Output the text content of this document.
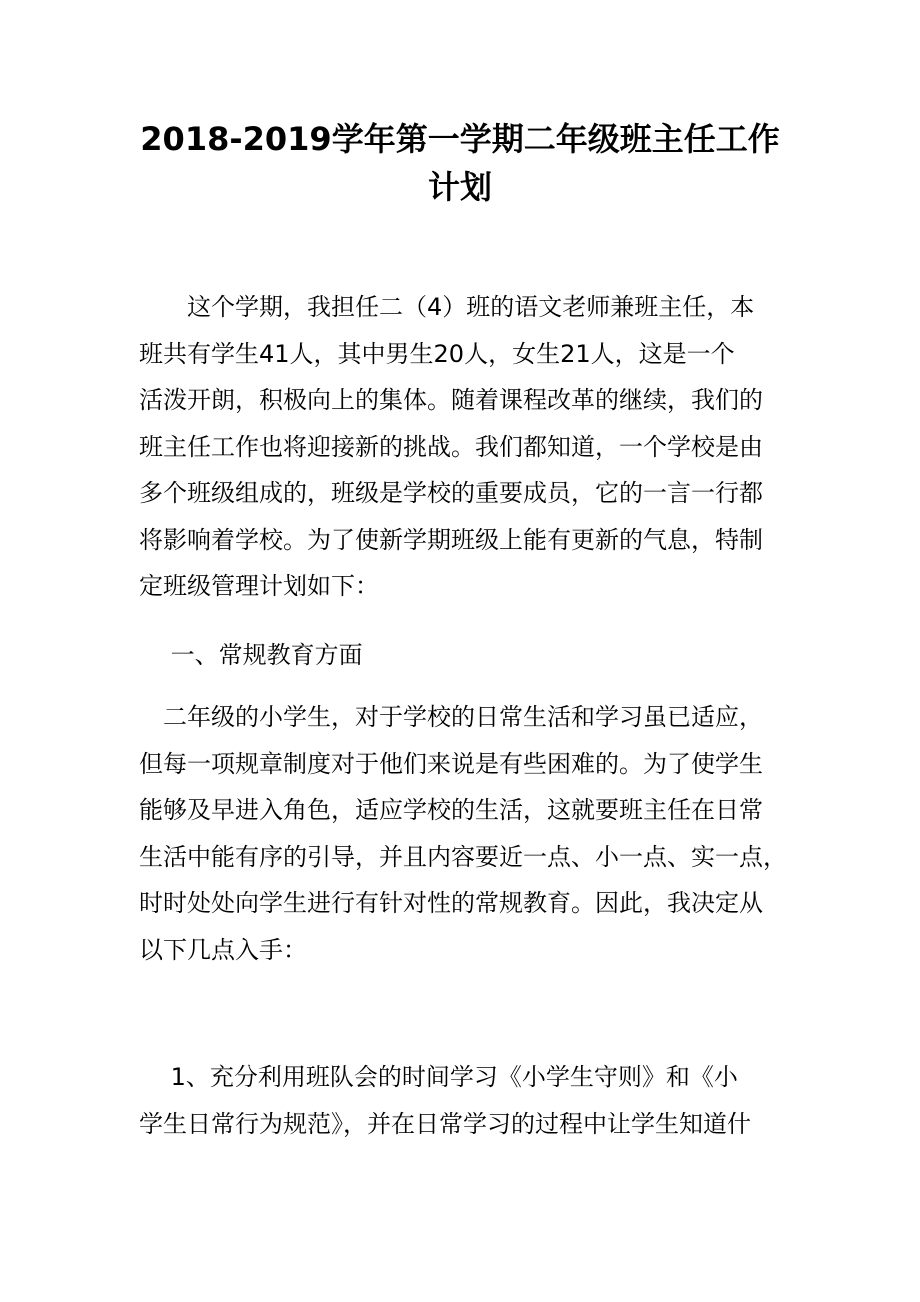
2018-2019学年第一学期二年级班主任工作
计划
　　这个学期，我担任二（4）班的语文老师兼班主任，本
班共有学生41人，其中男生20人，女生21人，这是一个
活泼开朗，积极向上的集体。随着课程改革的继续，我们的
班主任工作也将迎接新的挑战。我们都知道，一个学校是由
多个班级组成的，班级是学校的重要成员，它的一言一行都
将影响着学校。为了使新学期班级上能有更新的气息，特制
定班级管理计划如下：
　 一、常规教育方面
　二年级的小学生，对于学校的日常生活和学习虽已适应，
但每一项规章制度对于他们来说是有些困难的。为了使学生
能够及早进入角色，适应学校的生活，这就要班主任在日常
生活中能有序的引导，并且内容要近一点、小一点、实一点，
时时处处向学生进行有针对性的常规教育。因此，我决定从
以下几点入手：
　 1、充分利用班队会的时间学习《小学生守则》和《小
学生日常行为规范》，并在日常学习的过程中让学生知道什
